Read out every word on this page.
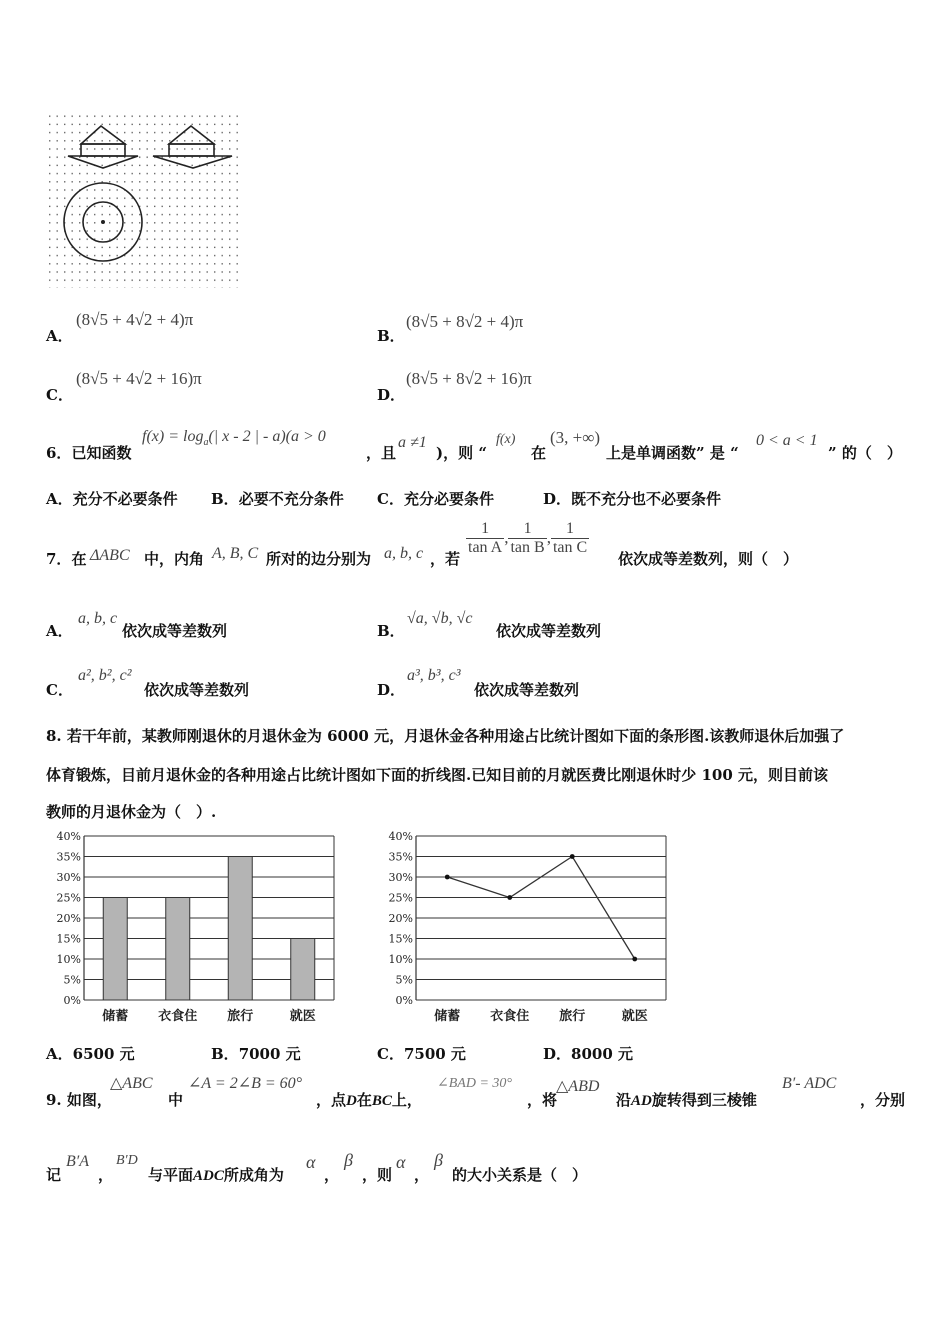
A．
(8√5 + 4√2 + 4)π
B．
(8√5 + 8√2 + 4)π
C．
(8√5 + 4√2 + 16)π
D．
(8√5 + 8√2 + 16)π
6．已知函数
$f(x) = \log_a(|$ x - 2 | - a)(a > 0
，且
a ≠1
)，则 “
f(x)
在
(3, +∞)
上是单调函数” 是 “
0 < a < 1
” 的（　）
A．充分不必要条件 B．必要不充分条件 C．充分必要条件	D．既不充分也不必要条件
7．在 ΔABC 中，内角 A, B, C 所对的边分别为 a, b, c ，若
$\frac{1}{\text{tan A}}$ , $\frac{1}{\text{tan B}}$ , $\frac{1}{\text{tan C}}$
依次成等差数列，则（　）
A．
a, b, c
依次成等差数列	B．
√a, √b, √c
依次成等差数列
C．
a², b², c²
依次成等差数列	D．
a³, b³, c³
依次成等差数列
8. 若干年前，某教师刚退休的月退休金为 6000 元，月退休金各种用途占比统计图如下面的条形图.该教师退休后加强了
体育锻炼，目前月退休金的各种用途占比统计图如下面的折线图.已知目前的月就医费比刚退休时少 100 元，则目前该
教师的月退休金为（　）.
0%
5%
10%
15%
20%
25%
30%
35%
40%
储蓄 衣食住 旅行	就医
0%
5%
10%
15%
20%
25%
30%
35%
40%
储蓄 衣食住 旅行	就医
A．6500 元	B．7000 元	C．7500 元	D．8000 元
9. 如图，
△ABC
中
∠A = 2∠B = 60°
，点D在BC上，
∠BAD = 30°
，将
△ABD
沿AD旋转得到三棱锥
B′- ADC
，分别
记
B′A
，
B′D
与平面ADC所成角为
α
，
β
，则
α
，
β
的大小关系是（　）
